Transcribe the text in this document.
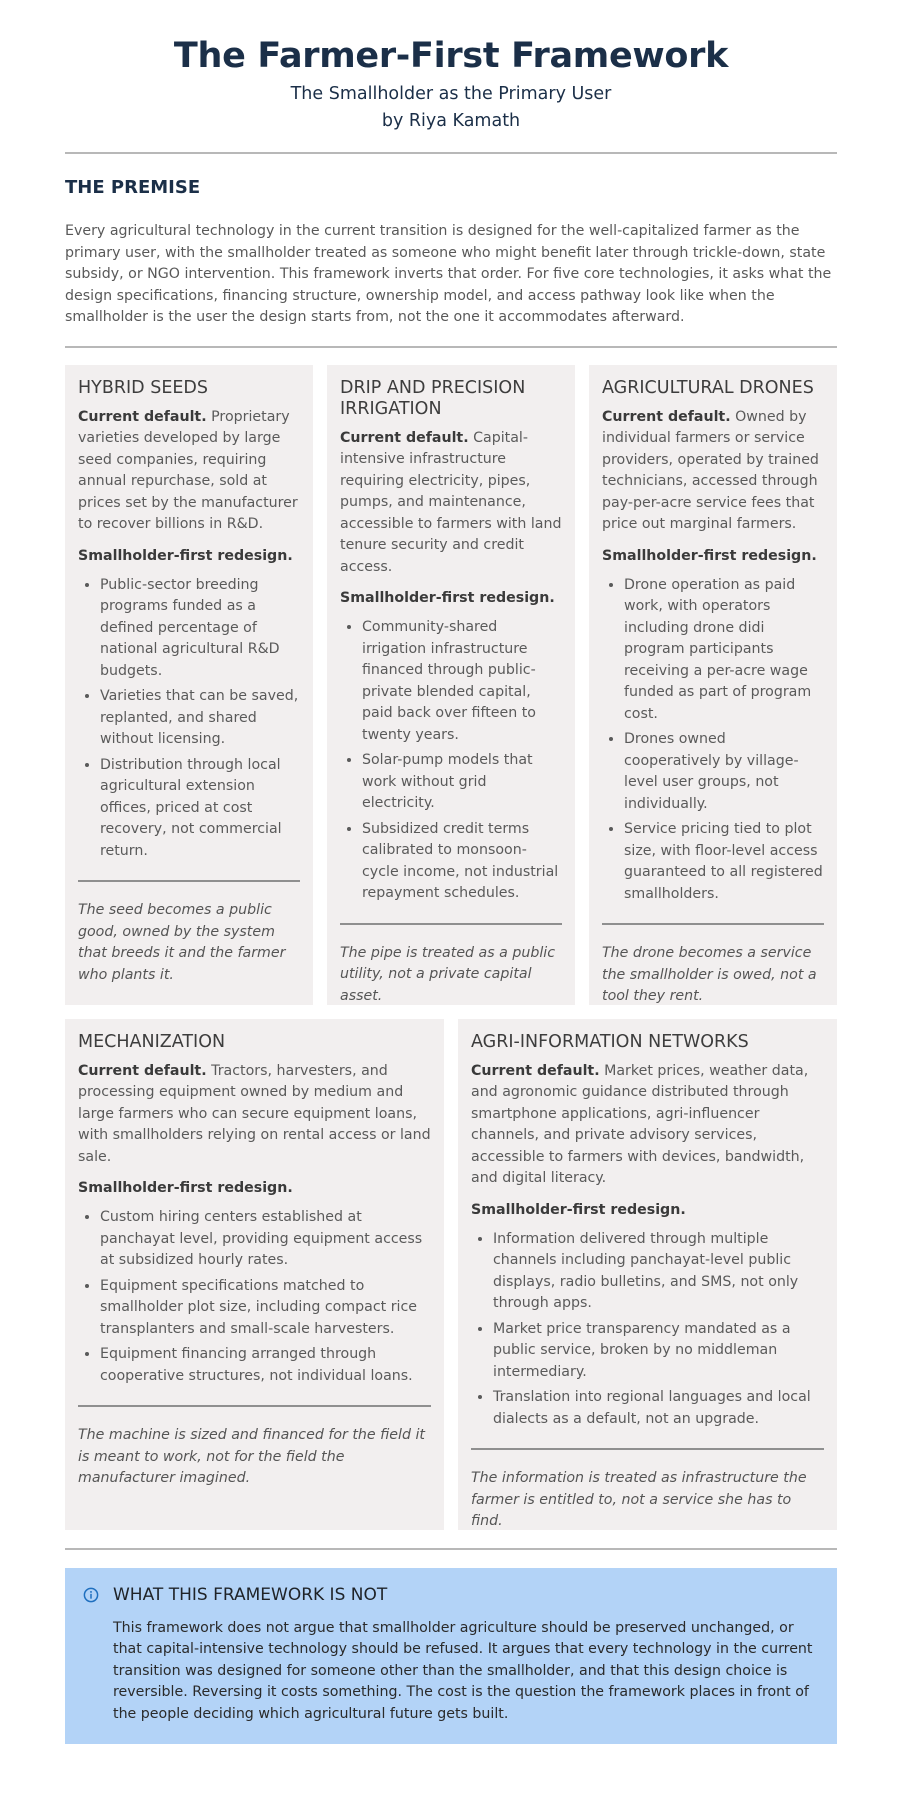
The Farmer-First Framework

The Smallholder as the Primary User

by Riya Kamath

THE PREMISE

Every agricultural technology in the current transition is designed for the well-capitalized farmer as the primary user, with the smallholder treated as someone who might benefit later through trickle-down, state subsidy, or NGO intervention. This framework inverts that order. For five core technologies, it asks what the design specifications, financing structure, ownership model, and access pathway look like when the smallholder is the user the design starts from, not the one it accommodates afterward.

HYBRID SEEDS

Current default. Proprietary varieties developed by large seed companies, requiring annual repurchase, sold at prices set by the manufacturer to recover billions in R&D.

Smallholder-first redesign.

• Public-sector breeding programs funded as a defined percentage of national agricultural R&D budgets.
• Varieties that can be saved, replanted, and shared without licensing.
• Distribution through local agricultural extension offices, priced at cost recovery, not commercial return.

The seed becomes a public good, owned by the system that breeds it and the farmer who plants it.

DRIP AND PRECISION IRRIGATION

Current default. Capital-intensive infrastructure requiring electricity, pipes, pumps, and maintenance, accessible to farmers with land tenure security and credit access.

Smallholder-first redesign.

• Community-shared irrigation infrastructure financed through public-private blended capital, paid back over fifteen to twenty years.
• Solar-pump models that work without grid electricity.
• Subsidized credit terms calibrated to monsoon-cycle income, not industrial repayment schedules.

The pipe is treated as a public utility, not a private capital asset.

AGRICULTURAL DRONES

Current default. Owned by individual farmers or service providers, operated by trained technicians, accessed through pay-per-acre service fees that price out marginal farmers.

Smallholder-first redesign.

• Drone operation as paid work, with operators including drone didi program participants receiving a per-acre wage funded as part of program cost.
• Drones owned cooperatively by village-level user groups, not individually.
• Service pricing tied to plot size, with floor-level access guaranteed to all registered smallholders.

The drone becomes a service the smallholder is owed, not a tool they rent.

MECHANIZATION

Current default. Tractors, harvesters, and processing equipment owned by medium and large farmers who can secure equipment loans, with smallholders relying on rental access or land sale.

Smallholder-first redesign.

• Custom hiring centers established at panchayat level, providing equipment access at subsidized hourly rates.
• Equipment specifications matched to smallholder plot size, including compact rice transplanters and small-scale harvesters.
• Equipment financing arranged through cooperative structures, not individual loans.

The machine is sized and financed for the field it is meant to work, not for the field the manufacturer imagined.

AGRI-INFORMATION NETWORKS

Current default. Market prices, weather data, and agronomic guidance distributed through smartphone applications, agri-influencer channels, and private advisory services, accessible to farmers with devices, bandwidth, and digital literacy.

Smallholder-first redesign.

• Information delivered through multiple channels including panchayat-level public displays, radio bulletins, and SMS, not only through apps.
• Market price transparency mandated as a public service, broken by no middleman intermediary.
• Translation into regional languages and local dialects as a default, not an upgrade.

The information is treated as infrastructure the farmer is entitled to, not a service she has to find.

WHAT THIS FRAMEWORK IS NOT

This framework does not argue that smallholder agriculture should be preserved unchanged, or that capital-intensive technology should be refused. It argues that every technology in the current transition was designed for someone other than the smallholder, and that this design choice is reversible. Reversing it costs something. The cost is the question the framework places in front of the people deciding which agricultural future gets built.
